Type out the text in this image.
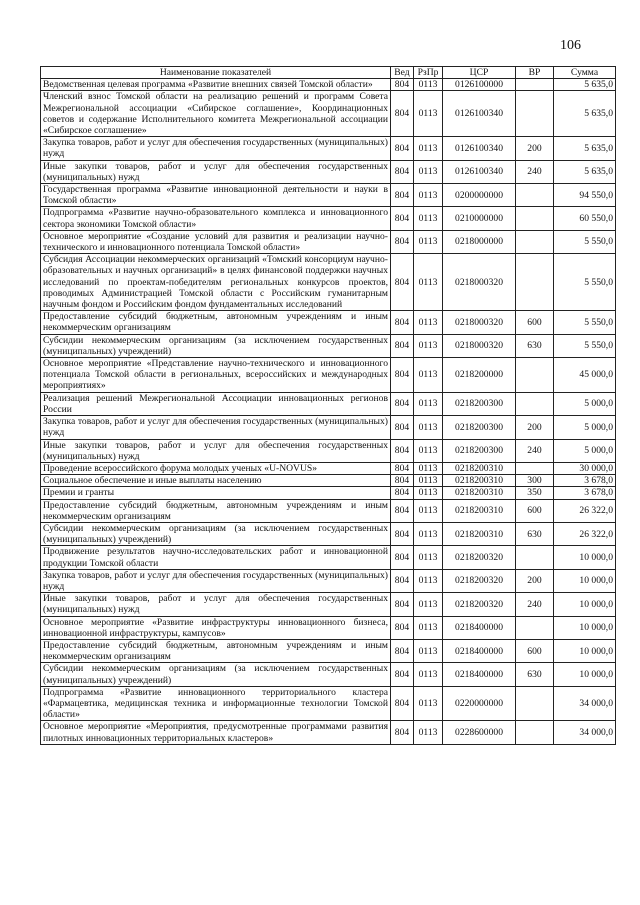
106
Наименование показателей	Вед	РзПр	ЦСР	ВР	Сумма
Ведомственная целевая программа «Развитие внешних связей Томской области»	804	0113	0126100000		5 635,0
Членский взнос Томской области на реализацию решений и программ Совета Межрегиональной ассоциации «Сибирское соглашение», Координационных советов и содержание Исполнительного комитета Межрегиональной ассоциации «Сибирское соглашение»	804	0113	0126100340		5 635,0
Закупка товаров, работ и услуг для обеспечения государственных (муниципальных) нужд	804	0113	0126100340	200	5 635,0
Иные закупки товаров, работ и услуг для обеспечения государственных (муниципальных) нужд	804	0113	0126100340	240	5 635,0
Государственная программа «Развитие инновационной деятельности и науки в Томской области»	804	0113	0200000000		94 550,0
Подпрограмма «Развитие научно-образовательного комплекса и инновационного сектора экономики Томской области»	804	0113	0210000000		60 550,0
Основное мероприятие «Создание условий для развития и реализации научно-технического и инновационного потенциала Томской области»	804	0113	0218000000		5 550,0
Субсидия Ассоциации некоммерческих организаций «Томский консорциум научно-образовательных и научных организаций» в целях финансовой поддержки научных исследований по проектам-победителям региональных конкурсов проектов, проводимых Администрацией Томской области с Российским гуманитарным научным фондом и Российским фондом фундаментальных исследований	804	0113	0218000320		5 550,0
Предоставление субсидий бюджетным, автономным учреждениям и иным некоммерческим организациям	804	0113	0218000320	600	5 550,0
Субсидии некоммерческим организациям (за исключением государственных (муниципальных) учреждений)	804	0113	0218000320	630	5 550,0
Основное мероприятие «Представление научно-технического и инновационного потенциала Томской области в региональных, всероссийских и международных мероприятиях»	804	0113	0218200000		45 000,0
Реализация решений Межрегиональной Ассоциации инновационных регионов России	804	0113	0218200300		5 000,0
Закупка товаров, работ и услуг для обеспечения государственных (муниципальных) нужд	804	0113	0218200300	200	5 000,0
Иные закупки товаров, работ и услуг для обеспечения государственных (муниципальных) нужд	804	0113	0218200300	240	5 000,0
Проведение всероссийского форума молодых ученых «U-NOVUS»	804	0113	0218200310		30 000,0
Социальное обеспечение и иные выплаты населению	804	0113	0218200310	300	3 678,0
Премии и гранты	804	0113	0218200310	350	3 678,0
Предоставление субсидий бюджетным, автономным учреждениям и иным некоммерческим организациям	804	0113	0218200310	600	26 322,0
Субсидии некоммерческим организациям (за исключением государственных (муниципальных) учреждений)	804	0113	0218200310	630	26 322,0
Продвижение результатов научно-исследовательских работ и инновационной продукции Томской области	804	0113	0218200320		10 000,0
Закупка товаров, работ и услуг для обеспечения государственных (муниципальных) нужд	804	0113	0218200320	200	10 000,0
Иные закупки товаров, работ и услуг для обеспечения государственных (муниципальных) нужд	804	0113	0218200320	240	10 000,0
Основное мероприятие «Развитие инфраструктуры инновационного бизнеса, инновационной инфраструктуры, кампусов»	804	0113	0218400000		10 000,0
Предоставление субсидий бюджетным, автономным учреждениям и иным некоммерческим организациям	804	0113	0218400000	600	10 000,0
Субсидии некоммерческим организациям (за исключением государственных (муниципальных) учреждений)	804	0113	0218400000	630	10 000,0
Подпрограмма «Развитие инновационного территориального кластера «Фармацевтика, медицинская техника и информационные технологии Томской области»	804	0113	0220000000		34 000,0
Основное мероприятие «Мероприятия, предусмотренные программами развития пилотных инновационных территориальных кластеров»	804	0113	0228600000		34 000,0
